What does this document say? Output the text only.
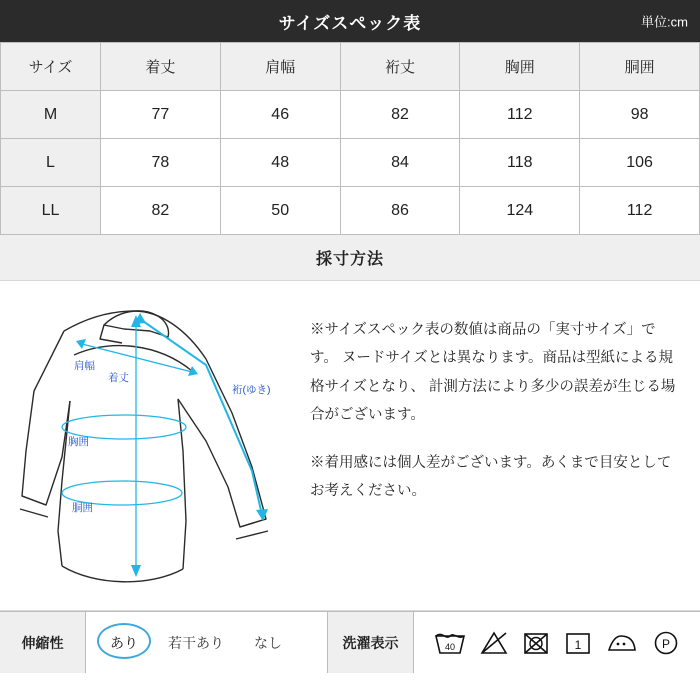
サイズスペック表	単位:cm
サイズ	着丈	肩幅	裄丈	胸囲	胴囲
M	77	46	82	112	98
L	78	48	84	118	106
LL	82	50	86	124	112
採寸方法
肩幅
着丈
裄(ゆき)
胸囲
胴囲

※サイズスペック表の数値は商品の「実寸サイズ」です。 ヌードサイズとは異なります。商品は型紙による規格サイズとなり、 計測方法により多少の誤差が生じる場合がございます。

※着用感には個人差がございます。あくまで目安としてお考えください。

伸縮性	あり	若干あり	なし	洗濯表示	40	1	P
